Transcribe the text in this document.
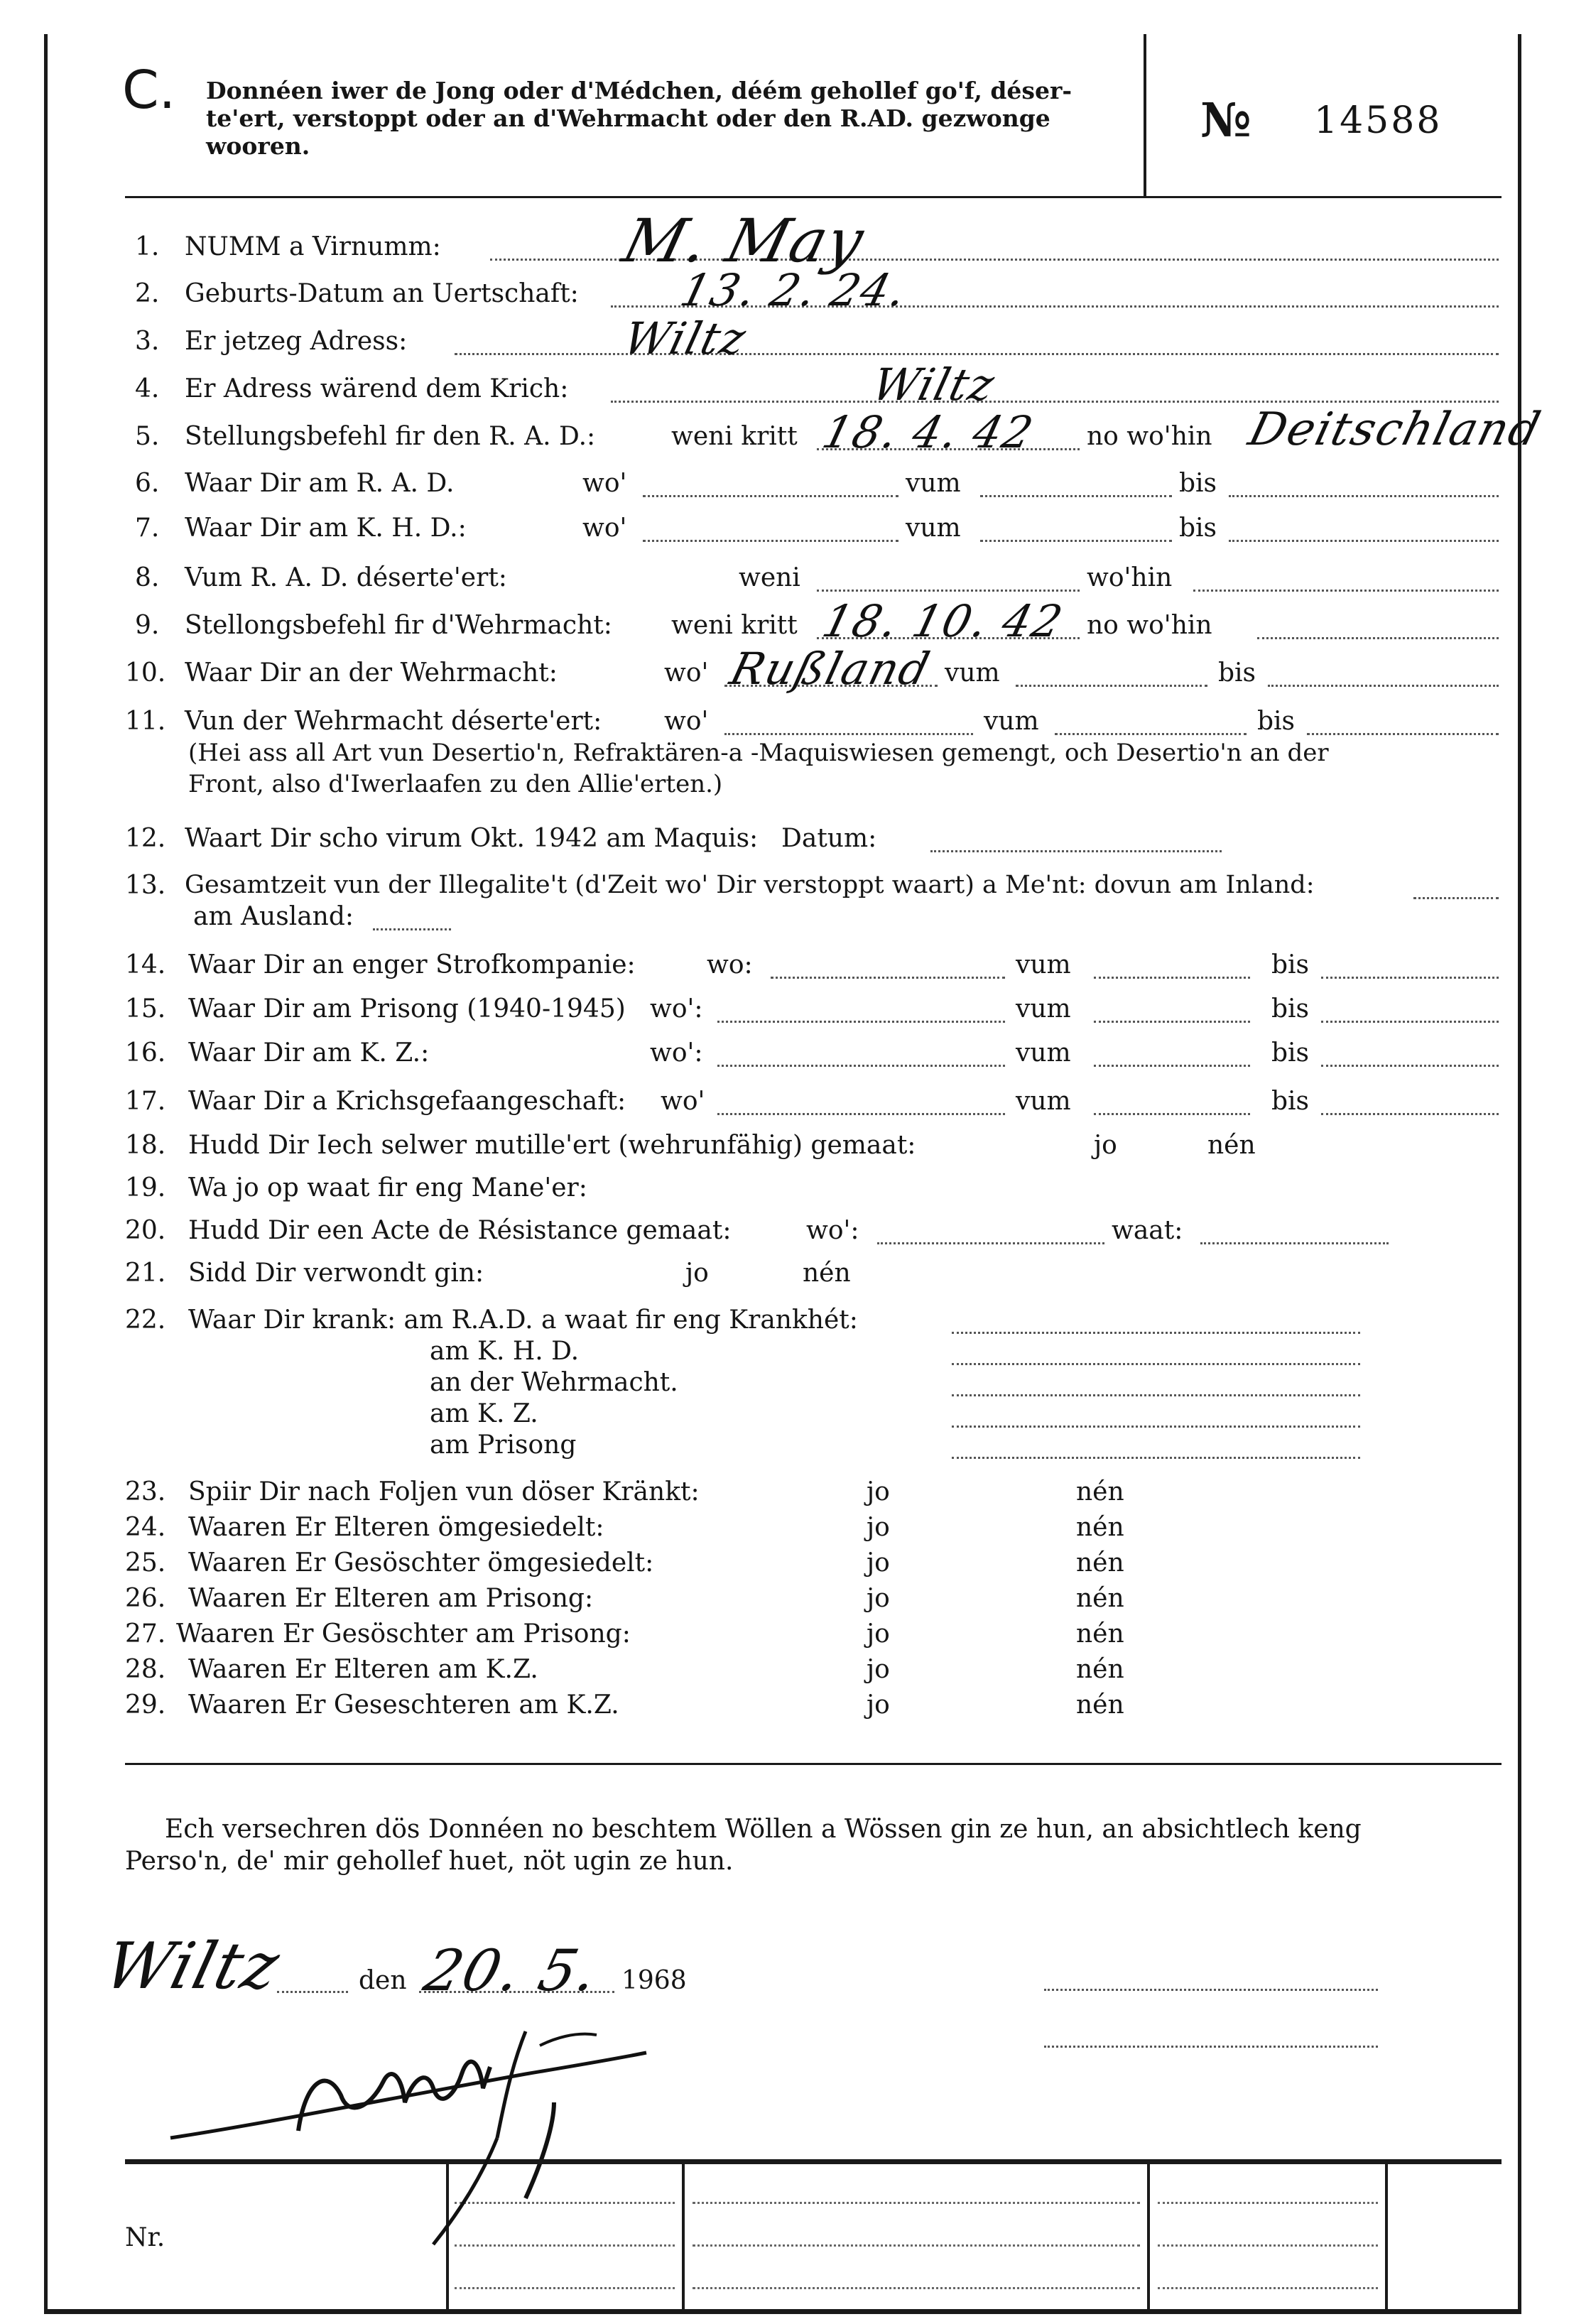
C. Donnéen iwer de Jong oder d'Médchen, déém gehollef go'f, déser-
te'ert, verstoppt oder an d'Wehrmacht oder den R.AD. gezwonge
wooren.	№ 14588
1. NUMM a Virnumm:	M. May
2. Geburts-Datum an Uertschaft: 13. 2. 24.
3. Er jetzeg Adress:	Wiltz
4. Er Adress wärend dem Krich:	Wiltz
5. Stellungsbefehl fir den R. A. D.:	weni kritt 18. 4. 42 no wo'hin Deitschland
6. Waar Dir am R. A. D.	wo'	vum	bis
7. Waar Dir am K. H. D.:	wo'	vum	bis
8. Vum R. A. D. déserte'ert:	weni	wo'hin
9. Stellongsbefehl fir d'Wehrmacht: weni kritt 18. 10. 42 no wo'hin
10. Waar Dir an der Wehrmacht:	wo' Rußland vum	bis
11. Vun der Wehrmacht déserte'ert: wo'	vum	bis
(Hei ass all Art vun Desertio'n, Refraktären-a -Maquiswiesen gemengt, och Desertio'n an der
Front, also d'Iwerlaafen zu den Allie'erten.)
12. Waart Dir scho virum Okt. 1942 am Maquis: Datum:
13. Gesamtzeit vun der Illegalite't (d'Zeit wo' Dir verstoppt waart) a Me'nt: dovun am Inland:
am Ausland:
14. Waar Dir an enger Strofkompanie:	wo:	vum	bis
15. Waar Dir am Prisong (1940-1945) wo':	vum	bis
16. Waar Dir am K. Z.:	wo':	vum	bis
17. Waar Dir a Krichsgefaangeschaft: wo'	vum	bis
18. Hudd Dir Iech selwer mutille'ert (wehrunfähig) gemaat:	jo	nén
19. Wa jo op waat fir eng Mane'er:
20. Hudd Dir een Acte de Résistance gemaat:	wo':	waat:
21. Sidd Dir verwondt gin:	jo	nén
22. Waar Dir krank: am R.A.D. a waat fir eng Krankhét:
am K. H. D.
an der Wehrmacht.
am K. Z.
am Prisong
23. Spiir Dir nach Foljen vun döser Kränkt:	jo	nén
24. Waaren Er Elteren ömgesiedelt:	jo	nén
25. Waaren Er Gesöschter ömgesiedelt:	jo	nén
26. Waaren Er Elteren am Prisong:	jo	nén
27. Waaren Er Gesöschter am Prisong:	jo	nén
28. Waaren Er Elteren am K.Z.	jo	nén
29. Waaren Er Geseschteren am K.Z.	jo	nén
Ech versechren dös Donnéen no beschtem Wöllen a Wössen gin ze hun, an absichtlech keng
Perso'n, de' mir gehollef huet, nöt ugin ze hun.
Wiltz	den 20. 5. 1968
Nr.
